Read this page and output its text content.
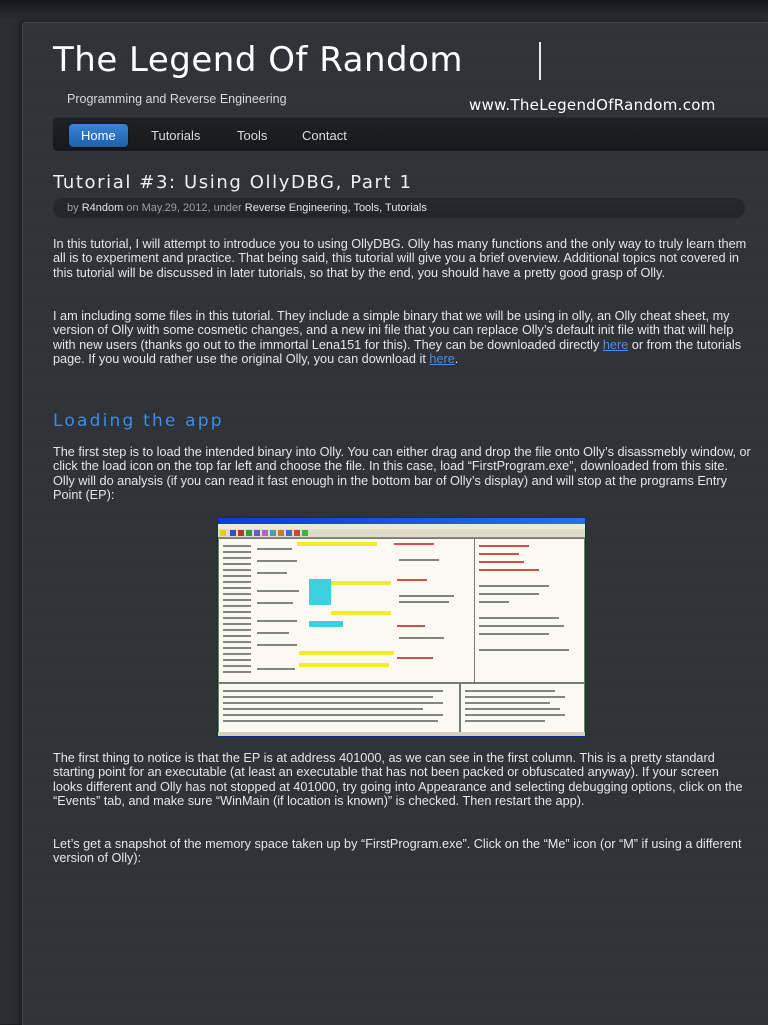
The Legend Of Random
Programming and Reverse Engineering	www.TheLegendOfRandom.com
Home	Tutorials	Tools	Contact
Tutorial #3: Using OllyDBG, Part 1
by R4ndom on May.29, 2012, under Reverse Engineering, Tools, Tutorials
In this tutorial, I will attempt to introduce you to using OllyDBG. Olly has many functions and the only way to truly learn them all is to experiment and practice. That being said, this tutorial will give you a brief overview. Additional topics not covered in this tutorial will be discussed in later tutorials, so that by the end, you should have a pretty good grasp of Olly.
I am including some files in this tutorial. They include a simple binary that we will be using in olly, an Olly cheat sheet, my version of Olly with some cosmetic changes, and a new ini file that you can replace Olly’s default init file with that will help with new users (thanks go out to the immortal Lena151 for this). They can be downloaded directly here or from the tutorials page. If you would rather use the original Olly, you can download it here.
Loading the app
The first step is to load the intended binary into Olly. You can either drag and drop the file onto Olly’s disassmebly window, or click the load icon on the top far left and choose the file. In this case, load “FirstProgram.exe”, downloaded from this site. Olly will do analysis (if you can read it fast enough in the bottom bar of Olly’s display) and will stop at the programs Entry Point (EP):
The first thing to notice is that the EP is at address 401000, as we can see in the first column. This is a pretty standard starting point for an executable (at least an executable that has not been packed or obfuscated anyway). If your screen looks different and Olly has not stopped at 401000, try going into Appearance and selecting debugging options, click on the “Events” tab, and make sure “WinMain (if location is known)” is checked. Then restart the app).
Let’s get a snapshot of the memory space taken up by “FirstProgram.exe”. Click on the “Me” icon (or “M” if using a different version of Olly):
